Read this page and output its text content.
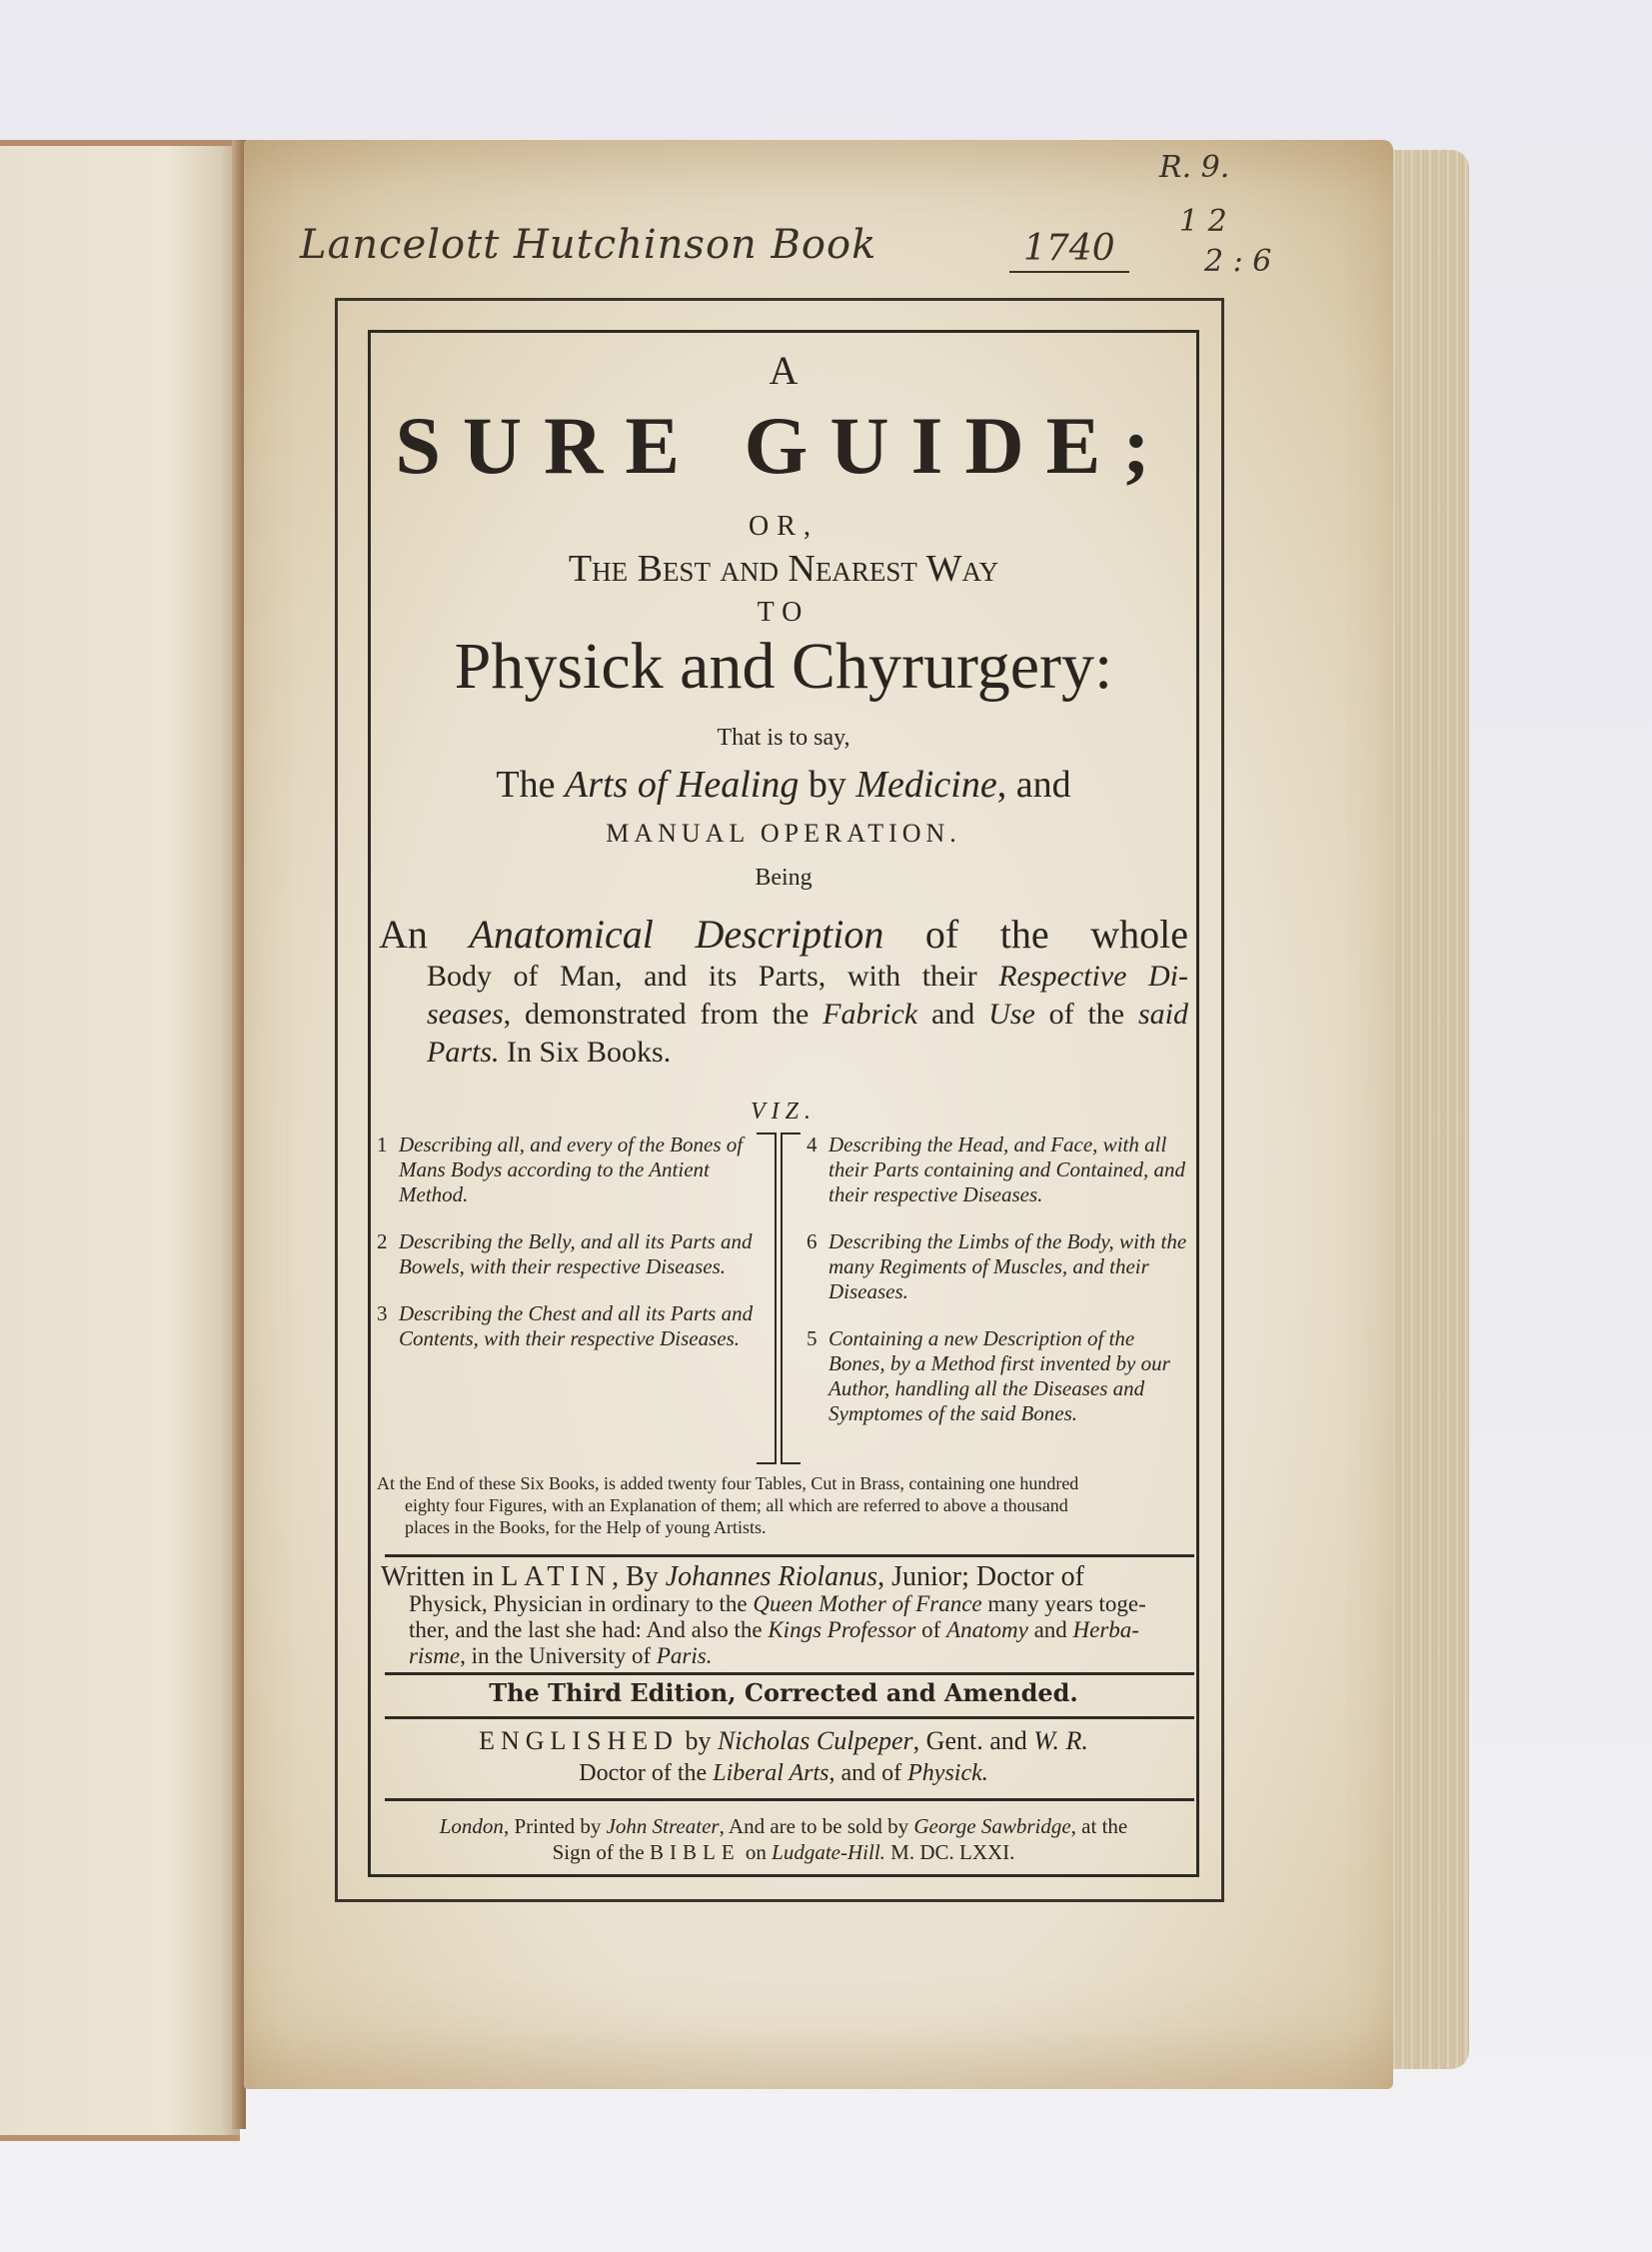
Lancelott Hutchinson Book	1740
R. 9.
1 2
2 : 6
A
SURE GUIDE;
OR,
The Best and Nearest Way
TO
Physick and Chyrurgery:
That is to say,
The Arts of Healing by Medicine, and
MANUAL OPERATION.
Being
An Anatomical Description of the whole
Body of Man, and its Parts, with their Respective Di-
seases, demonstrated from the Fabrick and Use of the said
Parts. In Six Books.
VIZ.
1 Describing all, and every of the Bones of Mans Bodys according to the Antient Method.
2 Describing the Belly, and all its Parts and Bowels, with their respective Diseases.
3 Describing the Chest and all its Parts and Contents, with their respective Diseases.
4 Describing the Head, and Face, with all their Parts containing and Contained, and their respective Diseases.
6 Describing the Limbs of the Body, with the many Regiments of Muscles, and their Diseases.
5 Containing a new Description of the Bones, by a Method first invented by our Author, handling all the Diseases and Symptomes of the said Bones.
At the End of these Six Books, is added twenty four Tables, Cut in Brass, containing one hundred
eighty four Figures, with an Explanation of them; all which are referred to above a thousand
places in the Books, for the Help of young Artists.
Written in LATIN, By Johannes Riolanus, Junior; Doctor of
Physick, Physician in ordinary to the Queen Mother of France many years toge-
ther, and the last she had: And also the Kings Professor of Anatomy and Herba-
risme, in the University of Paris.
The Third Edition, Corrected and Amended.
ENGLISHED by Nicholas Culpeper, Gent. and W. R.
Doctor of the Liberal Arts, and of Physick.
London, Printed by John Streater, And are to be sold by George Sawbridge, at the
Sign of the BIBLE on Ludgate-Hill. M. DC. LXXI.
